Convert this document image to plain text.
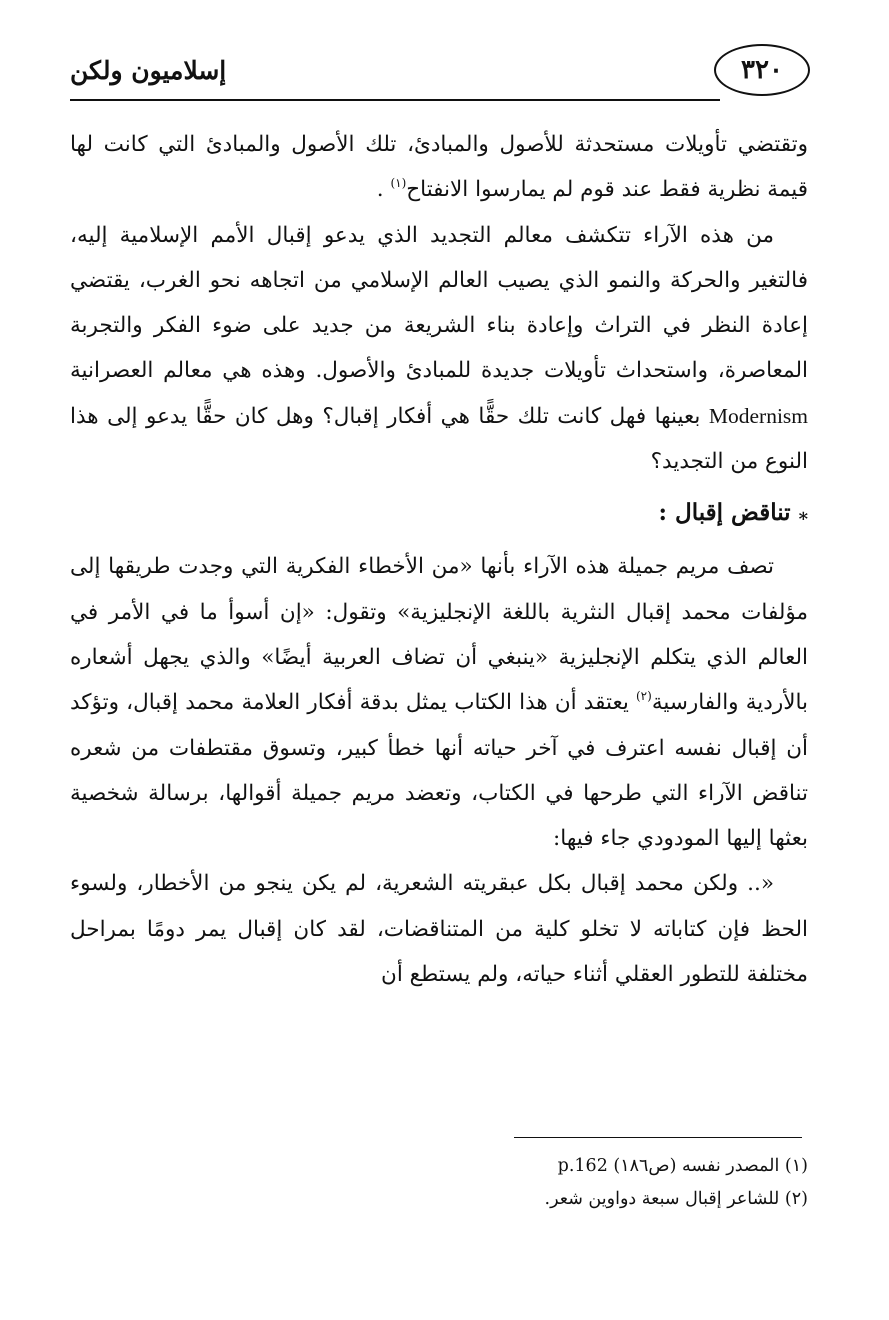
إسلاميون ولكن	٣٢٠

وتقتضي تأويلات مستحدثة للأصول والمبادئ، تلك الأصول والمبادئ التي كانت لها قيمة نظرية فقط عند قوم لم يمارسوا الانفتاح$^{(١)}$ .

من هذه الآراء تتكشف معالم التجديد الذي يدعو إقبال الأمم الإسلامية إليه، فالتغير والحركة والنمو الذي يصيب العالم الإسلامي من اتجاهه نحو الغرب، يقتضي إعادة النظر في التراث وإعادة بناء الشريعة من جديد على ضوء الفكر والتجربة المعاصرة، واستحداث تأويلات جديدة للمبادئ والأصول. وهذه هي معالم العصرانية Modernism بعينها فهل كانت تلك حقًّا هي أفكار إقبال؟ وهل كان حقًّا يدعو إلى هذا النوع من التجديد؟

⁎ تناقض إقبال :

تصف مريم جميلة هذه الآراء بأنها «من الأخطاء الفكرية التي وجدت طريقها إلى مؤلفات محمد إقبال النثرية باللغة الإنجليزية» وتقول: «إن أسوأ ما في الأمر في العالم الذي يتكلم الإنجليزية «ينبغي أن تضاف العربية أيضًا» والذي يجهل أشعاره بالأردية والفارسية$^{(٢)}$ يعتقد أن هذا الكتاب يمثل بدقة أفكار العلامة محمد إقبال، وتؤكد أن إقبال نفسه اعترف في آخر حياته أنها خطأ كبير، وتسوق مقتطفات من شعره تناقض الآراء التي طرحها في الكتاب، وتعضد مريم جميلة أقوالها، برسالة شخصية بعثها إليها المودودي جاء فيها:

«.. ولكن محمد إقبال بكل عبقريته الشعرية، لم يكن ينجو من الأخطار، ولسوء الحظ فإن كتاباته لا تخلو كلية من المتناقضات، لقد كان إقبال يمر دومًا بمراحل مختلفة للتطور العقلي أثناء حياته، ولم يستطع أن

(١) المصدر نفسه (ص١٨٦) p.162
(٢) للشاعر إقبال سبعة دواوين شعر.
